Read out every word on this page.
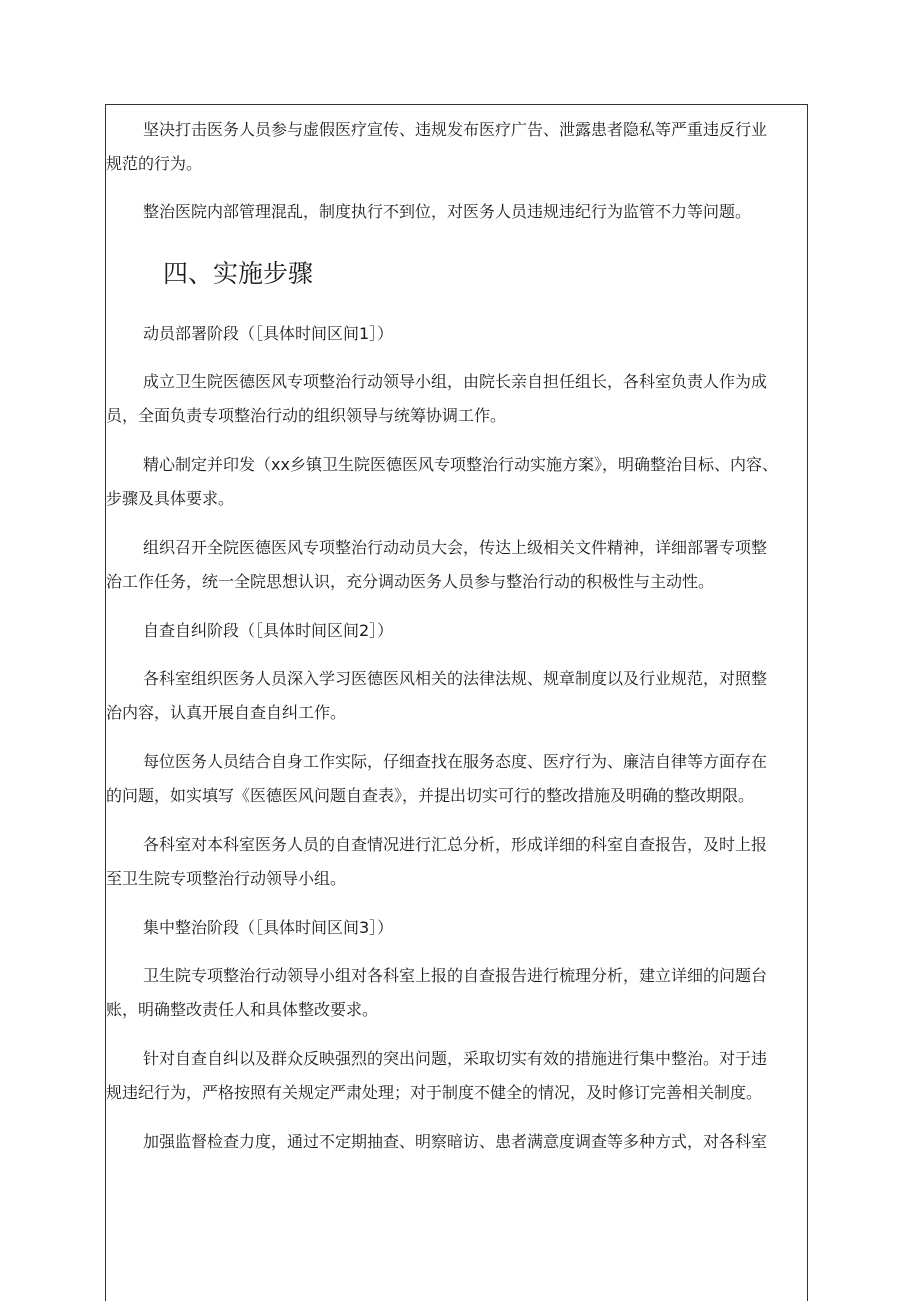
坚决打击医务人员参与虚假医疗宣传、违规发布医疗广告、泄露患者隐私等严重违反行业
规范的行为。
整治医院内部管理混乱，制度执行不到位，对医务人员违规违纪行为监管不力等问题。
四、实施步骤

动员部署阶段（［具体时间区间1］）

成立卫生院医德医风专项整治行动领导小组，由院长亲自担任组长，各科室负责人作为成
员，全面负责专项整治行动的组织领导与统筹协调工作。
精心制定并印发（xx乡镇卫生院医德医风专项整治行动实施方案》，明确整治目标、内容、
步骤及具体要求。
组织召开全院医德医风专项整治行动动员大会，传达上级相关文件精神，详细部署专项整
治工作任务，统一全院思想认识，充分调动医务人员参与整治行动的积极性与主动性。

自查自纠阶段（［具体时间区间2］）

各科室组织医务人员深入学习医德医风相关的法律法规、规章制度以及行业规范，对照整
治内容，认真开展自查自纠工作。
每位医务人员结合自身工作实际，仔细查找在服务态度、医疗行为、廉洁自律等方面存在
的问题，如实填写《医德医风问题自查表》，并提出切实可行的整改措施及明确的整改期限。
各科室对本科室医务人员的自查情况进行汇总分析，形成详细的科室自查报告，及时上报
至卫生院专项整治行动领导小组。

集中整治阶段（［具体时间区间3］）

卫生院专项整治行动领导小组对各科室上报的自查报告进行梳理分析，建立详细的问题台
账，明确整改责任人和具体整改要求。
针对自查自纠以及群众反映强烈的突出问题，采取切实有效的措施进行集中整治。对于违
规违纪行为，严格按照有关规定严肃处理；对于制度不健全的情况，及时修订完善相关制度。
加强监督检查力度，通过不定期抽查、明察暗访、患者满意度调查等多种方式，对各科室
